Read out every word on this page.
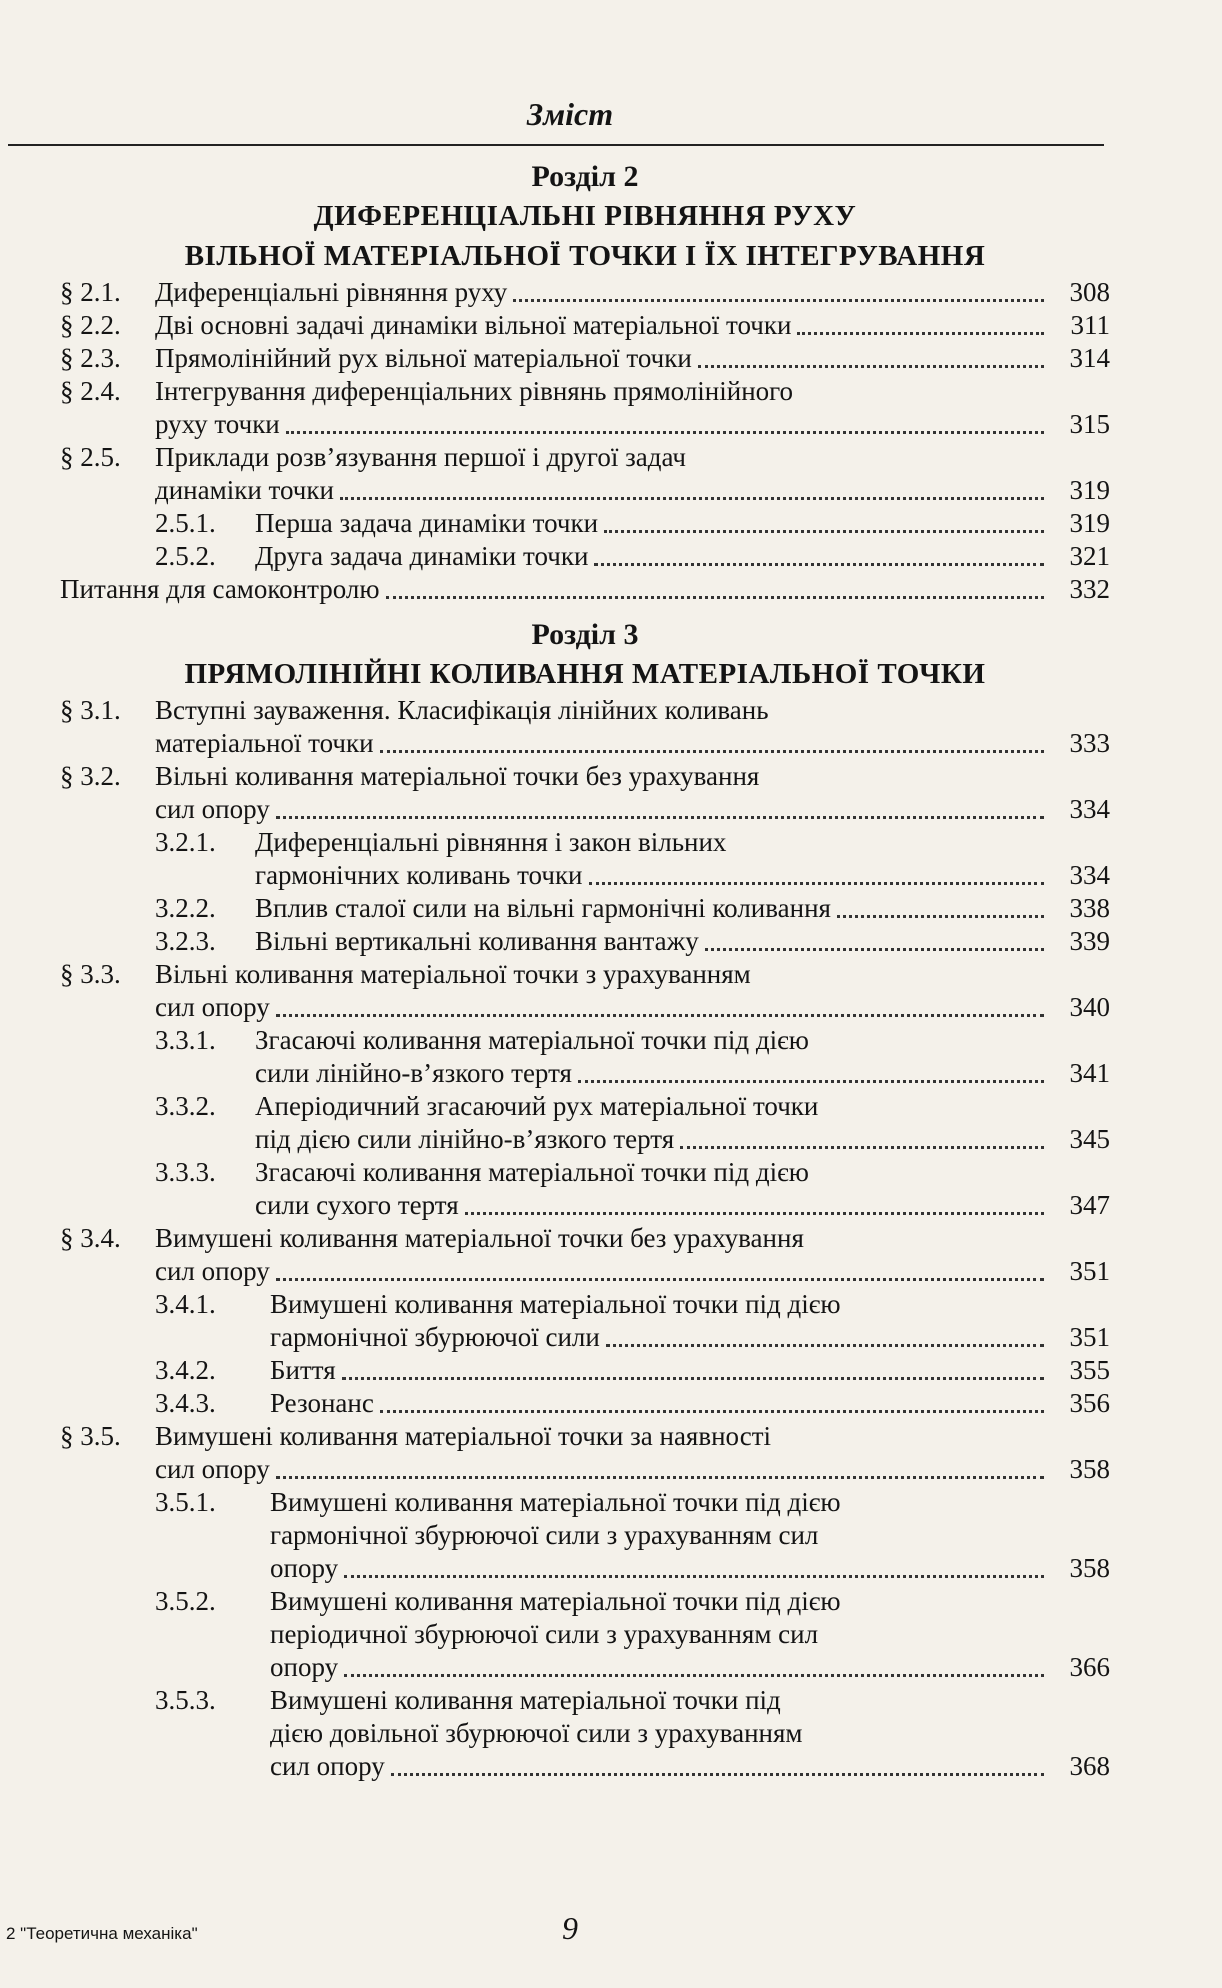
Зміст
Розділ 2
ДИФЕРЕНЦІАЛЬНІ РІВНЯННЯ РУХУ
ВІЛЬНОЇ МАТЕРІАЛЬНОЇ ТОЧКИ І ЇХ ІНТЕГРУВАННЯ
§ 2.1.	Диференціальні рівняння руху	308
§ 2.2.	Дві основні задачі динаміки вільної матеріальної точки	311
§ 2.3.	Прямолінійний рух вільної матеріальної точки	314
§ 2.4.	Інтегрування диференціальних рівнянь прямолінійного
руху точки	315
§ 2.5.	Приклади розв’язування першої і другої задач
динаміки точки	319
2.5.1.	Перша задача динаміки точки	319
2.5.2.	Друга задача динаміки точки	321
Питання для самоконтролю	332
Розділ 3
ПРЯМОЛІНІЙНІ КОЛИВАННЯ МАТЕРІАЛЬНОЇ ТОЧКИ
§ 3.1.	Вступні зауваження. Класифікація лінійних коливань
матеріальної точки	333
§ 3.2.	Вільні коливання матеріальної точки без урахування
сил опору	334
3.2.1.	Диференціальні рівняння і закон вільних
гармонічних коливань точки	334
3.2.2.	Вплив сталої сили на вільні гармонічні коливання	338
3.2.3.	Вільні вертикальні коливання вантажу	339
§ 3.3.	Вільні коливання матеріальної точки з урахуванням
сил опору	340
3.3.1.	Згасаючі коливання матеріальної точки під дією
сили лінійно-в’язкого тертя	341
3.3.2.	Аперіодичний згасаючий рух матеріальної точки
під дією сили лінійно-в’язкого тертя	345
3.3.3.	Згасаючі коливання матеріальної точки під дією
сили сухого тертя	347
§ 3.4.	Вимушені коливання матеріальної точки без урахування
сил опору	351
3.4.1.	Вимушені коливання матеріальної точки під дією
гармонічної збурюючої сили	351
3.4.2.	Биття	355
3.4.3.	Резонанс	356
§ 3.5.	Вимушені коливання матеріальної точки за наявності
сил опору	358
3.5.1.	Вимушені коливання матеріальної точки під дією
гармонічної збурюючої сили з урахуванням сил
опору	358
3.5.2.	Вимушені коливання матеріальної точки під дією
періодичної збурюючої сили з урахуванням сил
опору	366
3.5.3.	Вимушені коливання матеріальної точки під
дією довільної збурюючої сили з урахуванням
сил опору	368
2 "Теоретична механіка"	9
